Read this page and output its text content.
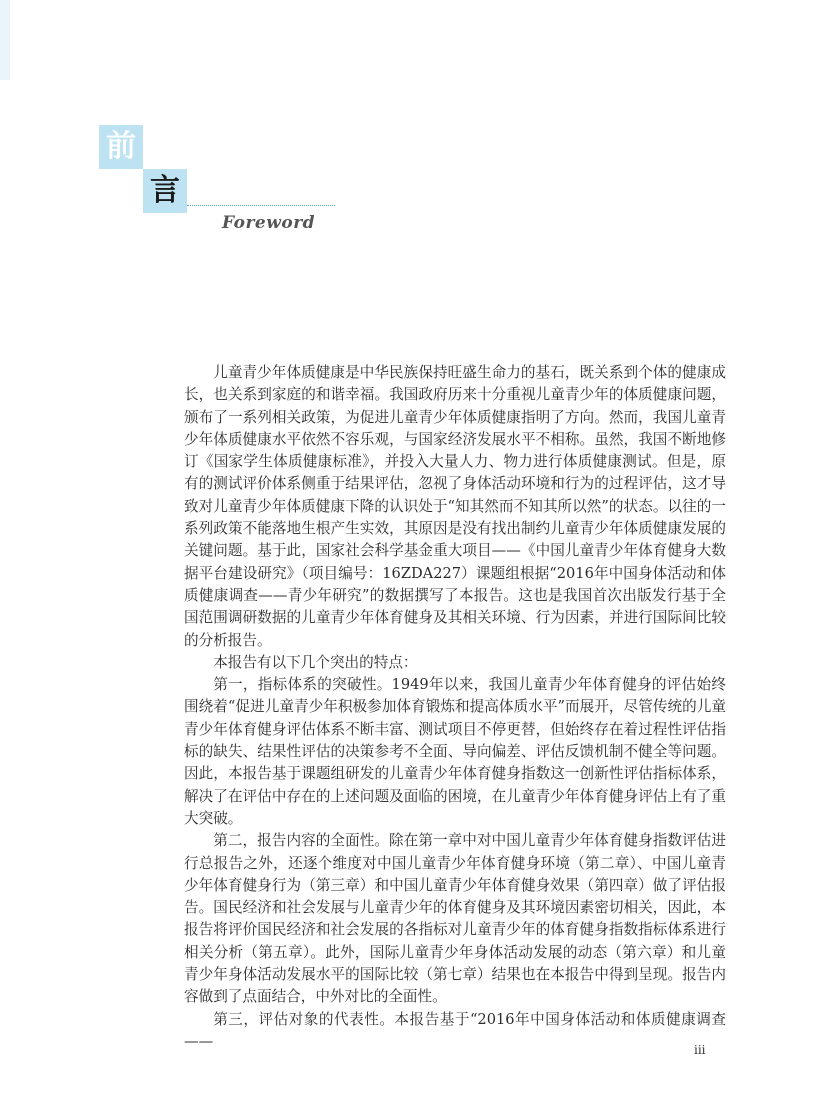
前
言
Foreword

儿童青少年体质健康是中华民族保持旺盛生命力的基石，既关系到个体的健康成长，也关系到家庭的和谐幸福。我国政府历来十分重视儿童青少年的体质健康问题，颁布了一系列相关政策，为促进儿童青少年体质健康指明了方向。然而，我国儿童青少年体质健康水平依然不容乐观，与国家经济发展水平不相称。虽然，我国不断地修订《国家学生体质健康标准》，并投入大量人力、物力进行体质健康测试。但是，原有的测试评价体系侧重于结果评估，忽视了身体活动环境和行为的过程评估，这才导致对儿童青少年体质健康下降的认识处于“知其然而不知其所以然”的状态。以往的一系列政策不能落地生根产生实效，其原因是没有找出制约儿童青少年体质健康发展的关键问题。基于此，国家社会科学基金重大项目——《中国儿童青少年体育健身大数据平台建设研究》（项目编号：16ZDA227）课题组根据“2016年中国身体活动和体质健康调查——青少年研究”的数据撰写了本报告。这也是我国首次出版发行基于全国范围调研数据的儿童青少年体育健身及其相关环境、行为因素，并进行国际间比较的分析报告。

本报告有以下几个突出的特点：

第一，指标体系的突破性。1949年以来，我国儿童青少年体育健身的评估始终围绕着“促进儿童青少年积极参加体育锻炼和提高体质水平”而展开，尽管传统的儿童青少年体育健身评估体系不断丰富、测试项目不停更替，但始终存在着过程性评估指标的缺失、结果性评估的决策参考不全面、导向偏差、评估反馈机制不健全等问题。因此，本报告基于课题组研发的儿童青少年体育健身指数这一创新性评估指标体系，解决了在评估中存在的上述问题及面临的困境，在儿童青少年体育健身评估上有了重大突破。

第二，报告内容的全面性。除在第一章中对中国儿童青少年体育健身指数评估进行总报告之外，还逐个维度对中国儿童青少年体育健身环境（第二章）、中国儿童青少年体育健身行为（第三章）和中国儿童青少年体育健身效果（第四章）做了评估报告。国民经济和社会发展与儿童青少年的体育健身及其环境因素密切相关，因此，本报告将评价国民经济和社会发展的各指标对儿童青少年的体育健身指数指标体系进行相关分析（第五章）。此外，国际儿童青少年身体活动发展的动态（第六章）和儿童青少年身体活动发展水平的国际比较（第七章）结果也在本报告中得到呈现。报告内容做到了点面结合，中外对比的全面性。

第三，评估对象的代表性。本报告基于“2016年中国身体活动和体质健康调查——

iii
